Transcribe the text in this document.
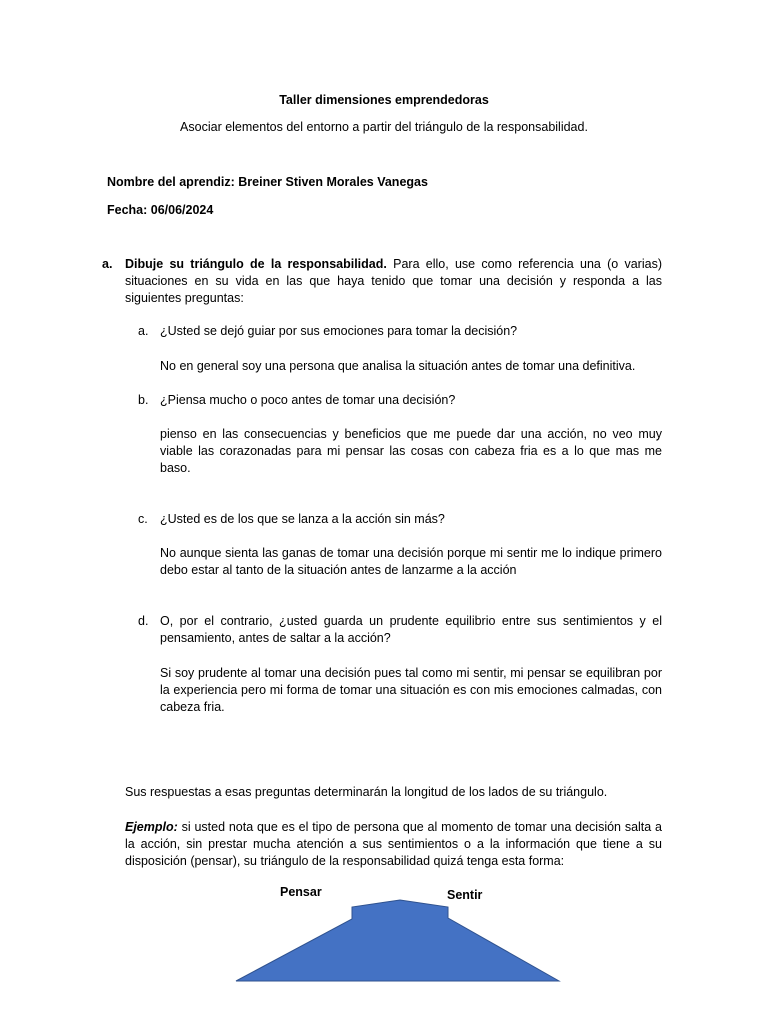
Taller dimensiones emprendedoras
Asociar elementos del entorno a partir del triángulo de la responsabilidad.
Nombre del aprendiz: Breiner Stiven Morales Vanegas
Fecha: 06/06/2024
a. Dibuje su triángulo de la responsabilidad. Para ello, use como referencia una (o varias) situaciones en su vida en las que haya tenido que tomar una decisión y responda a las siguientes preguntas:
a. ¿Usted se dejó guiar por sus emociones para tomar la decisión?
No en general soy una persona que analisa la situación antes de tomar una definitiva.
b. ¿Piensa mucho o poco antes de tomar una decisión?
pienso en las consecuencias y beneficios que me puede dar una acción, no veo muy viable las corazonadas para mi pensar las cosas con cabeza fria es a lo que mas me baso.
c. ¿Usted es de los que se lanza a la acción sin más?
No aunque sienta las ganas de tomar una decisión porque mi sentir me lo indique primero debo estar al tanto de la situación antes de lanzarme a la acción
d. O, por el contrario, ¿usted guarda un prudente equilibrio entre sus sentimientos y el pensamiento, antes de saltar a la acción?
Si soy prudente al tomar una decisión pues tal como mi sentir, mi pensar se equilibran por la experiencia pero mi forma de tomar una situación es con mis emociones calmadas, con cabeza fria.
Sus respuestas a esas preguntas determinarán la longitud de los lados de su triángulo.
Ejemplo: si usted nota que es el tipo de persona que al momento de tomar una decisión salta a la acción, sin prestar mucha atención a sus sentimientos o a la información que tiene a su disposición (pensar), su triángulo de la responsabilidad quizá tenga esta forma:
Pensar	Sentir
